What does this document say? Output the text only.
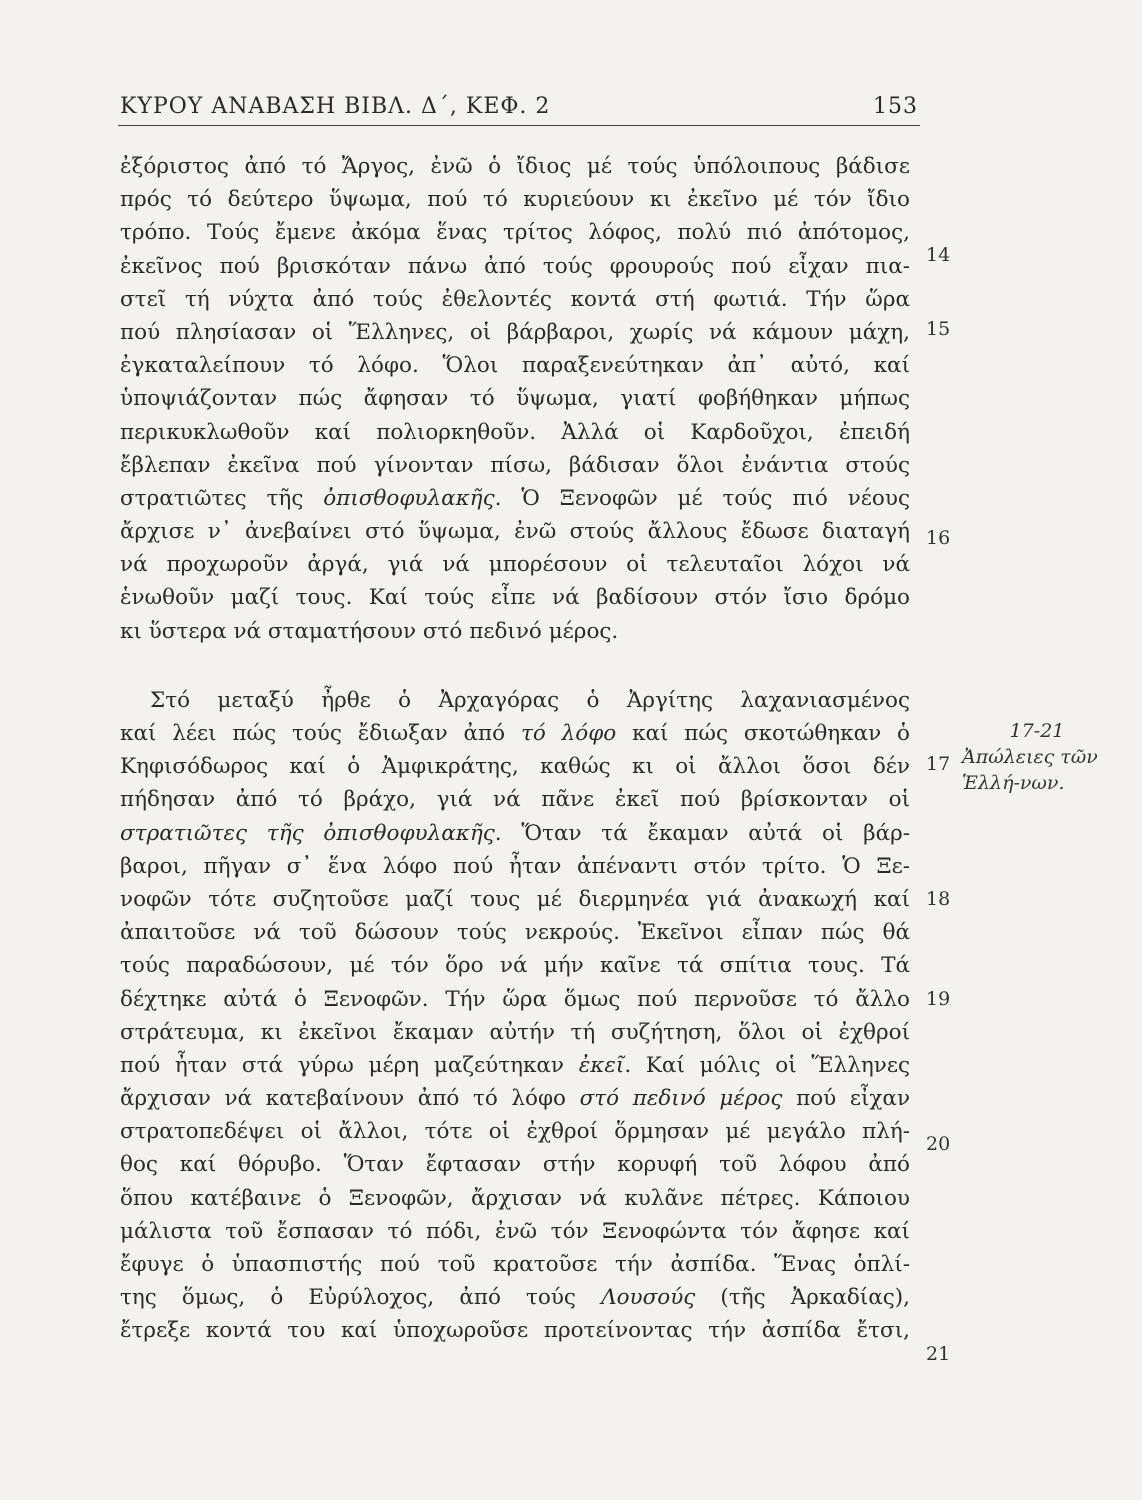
ΚΥΡΟΥ ΑΝΑΒΑΣΗ ΒΙΒΛ. Δ΄, ΚΕΦ. 2	153
ἐξόριστος ἀπό τό Ἄργος, ἐνῶ ὁ ἴδιος μέ τούς ὑπόλοιπους βάδισε
πρός τό δεύτερο ὕψωμα, πού τό κυριεύουν κι ἐκεῖνο μέ τόν ἴδιο
τρόπο. Τούς ἔμενε ἀκόμα ἕνας τρίτος λόφος, πολύ πιό ἀπότομος,
ἐκεῖνος πού βρισκόταν πάνω ἀπό τούς φρουρούς πού εἶχαν πια-
στεῖ τή νύχτα ἀπό τούς ἐθελοντές κοντά στή φωτιά. Τήν ὥρα
πού πλησίασαν οἱ Ἕλληνες, οἱ βάρβαροι, χωρίς νά κάμουν μάχη,
ἐγκαταλείπουν τό λόφο. Ὅλοι παραξενεύτηκαν ἀπ᾿ αὐτό, καί
ὑποψιάζονταν πώς ἄφησαν τό ὕψωμα, γιατί φοβήθηκαν μήπως
περικυκλωθοῦν καί πολιορκηθοῦν. Ἀλλά οἱ Καρδοῦχοι, ἐπειδή
ἔβλεπαν ἐκεῖνα πού γίνονταν πίσω, βάδισαν ὅλοι ἐνάντια στούς
στρατιῶτες τῆς ὀπισθοφυλακῆς. Ὁ Ξενοφῶν μέ τούς πιό νέους
ἄρχισε ν᾿ ἀνεβαίνει στό ὕψωμα, ἐνῶ στούς ἄλλους ἔδωσε διαταγή
νά προχωροῦν ἀργά, γιά νά μπορέσουν οἱ τελευταῖοι λόχοι νά
ἑνωθοῦν μαζί τους. Καί τούς εἶπε νά βαδίσουν στόν ἴσιο δρόμο
κι ὕστερα νά σταματήσουν στό πεδινό μέρος.
Στό μεταξύ ἦρθε ὁ Ἀρχαγόρας ὁ Ἀργίτης λαχανιασμένος
καί λέει πώς τούς ἔδιωξαν ἀπό τό λόφο καί πώς σκοτώθηκαν ὁ
Κηφισόδωρος καί ὁ Ἀμφικράτης, καθώς κι οἱ ἄλλοι ὅσοι δέν
πήδησαν ἀπό τό βράχο, γιά νά πᾶνε ἐκεῖ πού βρίσκονταν οἱ
στρατιῶτες τῆς ὀπισθοφυλακῆς. Ὅταν τά ἔκαμαν αὐτά οἱ βάρ-
βαροι, πῆγαν σ᾿ ἕνα λόφο πού ἦταν ἀπέναντι στόν τρίτο. Ὁ Ξε-
νοφῶν τότε συζητοῦσε μαζί τους μέ διερμηνέα γιά ἀνακωχή καί
ἀπαιτοῦσε νά τοῦ δώσουν τούς νεκρούς. Ἐκεῖνοι εἶπαν πώς θά
τούς παραδώσουν, μέ τόν ὅρο νά μήν καῖνε τά σπίτια τους. Τά
δέχτηκε αὐτά ὁ Ξενοφῶν. Τήν ὥρα ὅμως πού περνοῦσε τό ἄλλο
στράτευμα, κι ἐκεῖνοι ἔκαμαν αὐτήν τή συζήτηση, ὅλοι οἱ ἐχθροί
πού ἦταν στά γύρω μέρη μαζεύτηκαν ἐκεῖ. Καί μόλις οἱ Ἕλληνες
ἄρχισαν νά κατεβαίνουν ἀπό τό λόφο στό πεδινό μέρος πού εἶχαν
στρατοπεδέψει οἱ ἄλλοι, τότε οἱ ἐχθροί ὅρμησαν μέ μεγάλο πλή-
θος καί θόρυβο. Ὅταν ἔφτασαν στήν κορυφή τοῦ λόφου ἀπό
ὅπου κατέβαινε ὁ Ξενοφῶν, ἄρχισαν νά κυλᾶνε πέτρες. Κάποιου
μάλιστα τοῦ ἔσπασαν τό πόδι, ἐνῶ τόν Ξενοφώντα τόν ἄφησε καί
ἔφυγε ὁ ὑπασπιστής πού τοῦ κρατοῦσε τήν ἀσπίδα. Ἕνας ὁπλί-
της ὅμως, ὁ Εὐρύλοχος, ἀπό τούς Λουσούς (τῆς Ἀρκαδίας),
ἔτρεξε κοντά του καί ὑποχωροῦσε προτείνοντας τήν ἀσπίδα ἔτσι,
14
15
16
17
18
19
20
21
17-21
Ἀπώλειες τῶν Ἑλλή-νων.
